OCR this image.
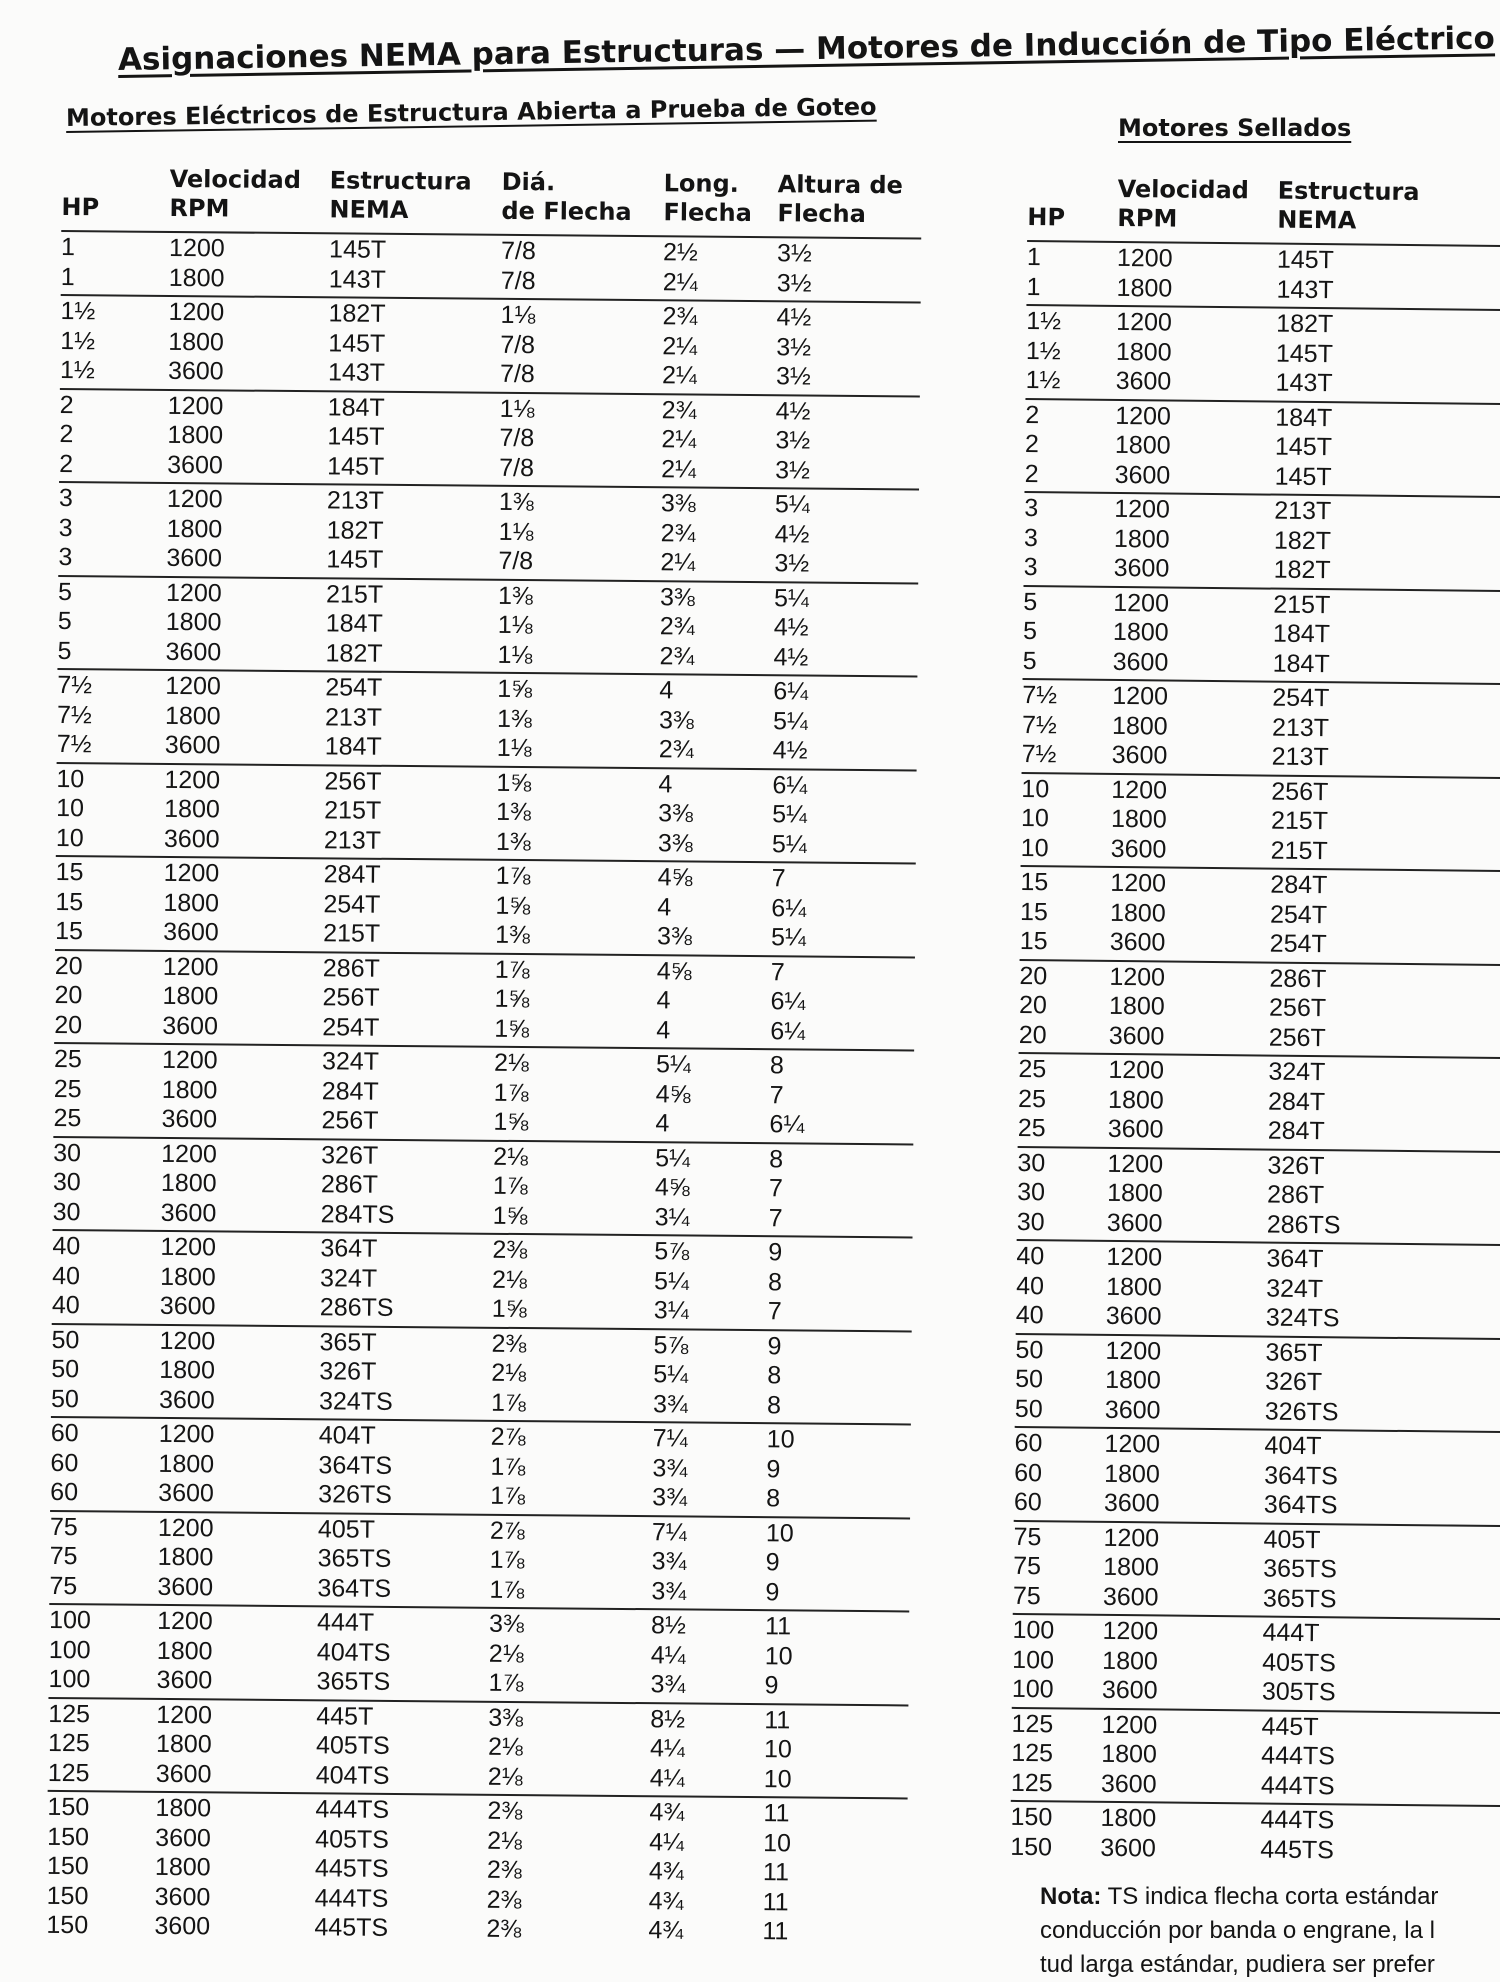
Asignaciones NEMA para Estructuras — Motores de Inducción de Tipo Eléctrico
Motores Eléctricos de Estructura Abierta a Prueba de Goteo	Motores Sellados
HP
Velocidad
RPM
Estructura
NEMA
Diá.
de Flecha
Long.
Flecha
Altura de
Flecha
1	1200	145T	7/8	2½	3½
1	1800	143T	7/8	2¼	3½
1½	1200	182T	1⅛	2¾	4½
1½	1800	145T	7/8	2¼	3½
1½	3600	143T	7/8	2¼	3½
2	1200	184T	1⅛	2¾	4½
2	1800	145T	7/8	2¼	3½
2	3600	145T	7/8	2¼	3½
3	1200	213T	1⅜	3⅜	5¼
3	1800	182T	1⅛	2¾	4½
3	3600	145T	7/8	2¼	3½
5	1200	215T	1⅜	3⅜	5¼
5	1800	184T	1⅛	2¾	4½
5	3600	182T	1⅛	2¾	4½
7½	1200	254T	1⅝	4	6¼
7½	1800	213T	1⅜	3⅜	5¼
7½	3600	184T	1⅛	2¾	4½
10	1200	256T	1⅝	4	6¼
10	1800	215T	1⅜	3⅜	5¼
10	3600	213T	1⅜	3⅜	5¼
15	1200	284T	1⅞	4⅝	7
15	1800	254T	1⅝	4	6¼
15	3600	215T	1⅜	3⅜	5¼
20	1200	286T	1⅞	4⅝	7
20	1800	256T	1⅝	4	6¼
20	3600	254T	1⅝	4	6¼
25	1200	324T	2⅛	5¼	8
25	1800	284T	1⅞	4⅝	7
25	3600	256T	1⅝	4	6¼
30	1200	326T	2⅛	5¼	8
30	1800	286T	1⅞	4⅝	7
30	3600	284TS	1⅝	3¼	7
40	1200	364T	2⅜	5⅞	9
40	1800	324T	2⅛	5¼	8
40	3600	286TS	1⅝	3¼	7
50	1200	365T	2⅜	5⅞	9
50	1800	326T	2⅛	5¼	8
50	3600	324TS	1⅞	3¾	8
60	1200	404T	2⅞	7¼	10
60	1800	364TS	1⅞	3¾	9
60	3600	326TS	1⅞	3¾	8
75	1200	405T	2⅞	7¼	10
75	1800	365TS	1⅞	3¾	9
75	3600	364TS	1⅞	3¾	9
100	1200	444T	3⅜	8½	11
100	1800	404TS	2⅛	4¼	10
100	3600	365TS	1⅞	3¾	9
125	1200	445T	3⅜	8½	11
125	1800	405TS	2⅛	4¼	10
125	3600	404TS	2⅛	4¼	10
150	1800	444TS	2⅜	4¾	11
150	3600	405TS	2⅛	4¼	10
150	1800	445TS	2⅜	4¾	11
150	3600	444TS	2⅜	4¾	11
150	3600	445TS	2⅜	4¾	11
HP
Velocidad
RPM
Estructura
NEMA
1	1200	145T
1	1800	143T
1½ 1200	182T
1½ 1800	145T
1½ 3600	143T
2	1200	184T
2	1800	145T
2	3600	145T
3	1200	213T
3	1800	182T
3	3600	182T
5	1200	215T
5	1800	184T
5	3600	184T
7½ 1200	254T
7½ 1800	213T
7½ 3600	213T
10 1200	256T
10 1800	215T
10 3600	215T
15 1200	284T
15 1800	254T
15 3600	254T
20 1200	286T
20 1800	256T
20 3600	256T
25 1200	324T
25 1800	284T
25 3600	284T
30 1200	326T
30 1800	286T
30 3600	286TS
40 1200	364T
40 1800	324T
40 3600	324TS
50 1200	365T
50 1800	326T
50 3600	326TS
60 1200	404T
60 1800	364TS
60 3600	364TS
75 1200	405T
75 1800	365TS
75 3600	365TS
100 1200	444T
100 1800	405TS
100 3600	305TS
125 1200	445T
125 1800	444TS
125 3600	444TS
150 1800	444TS
150 3600	445TS
Nota: TS indica flecha corta estándar
conducción por banda o engrane, la l
tud larga estándar, pudiera ser prefer
